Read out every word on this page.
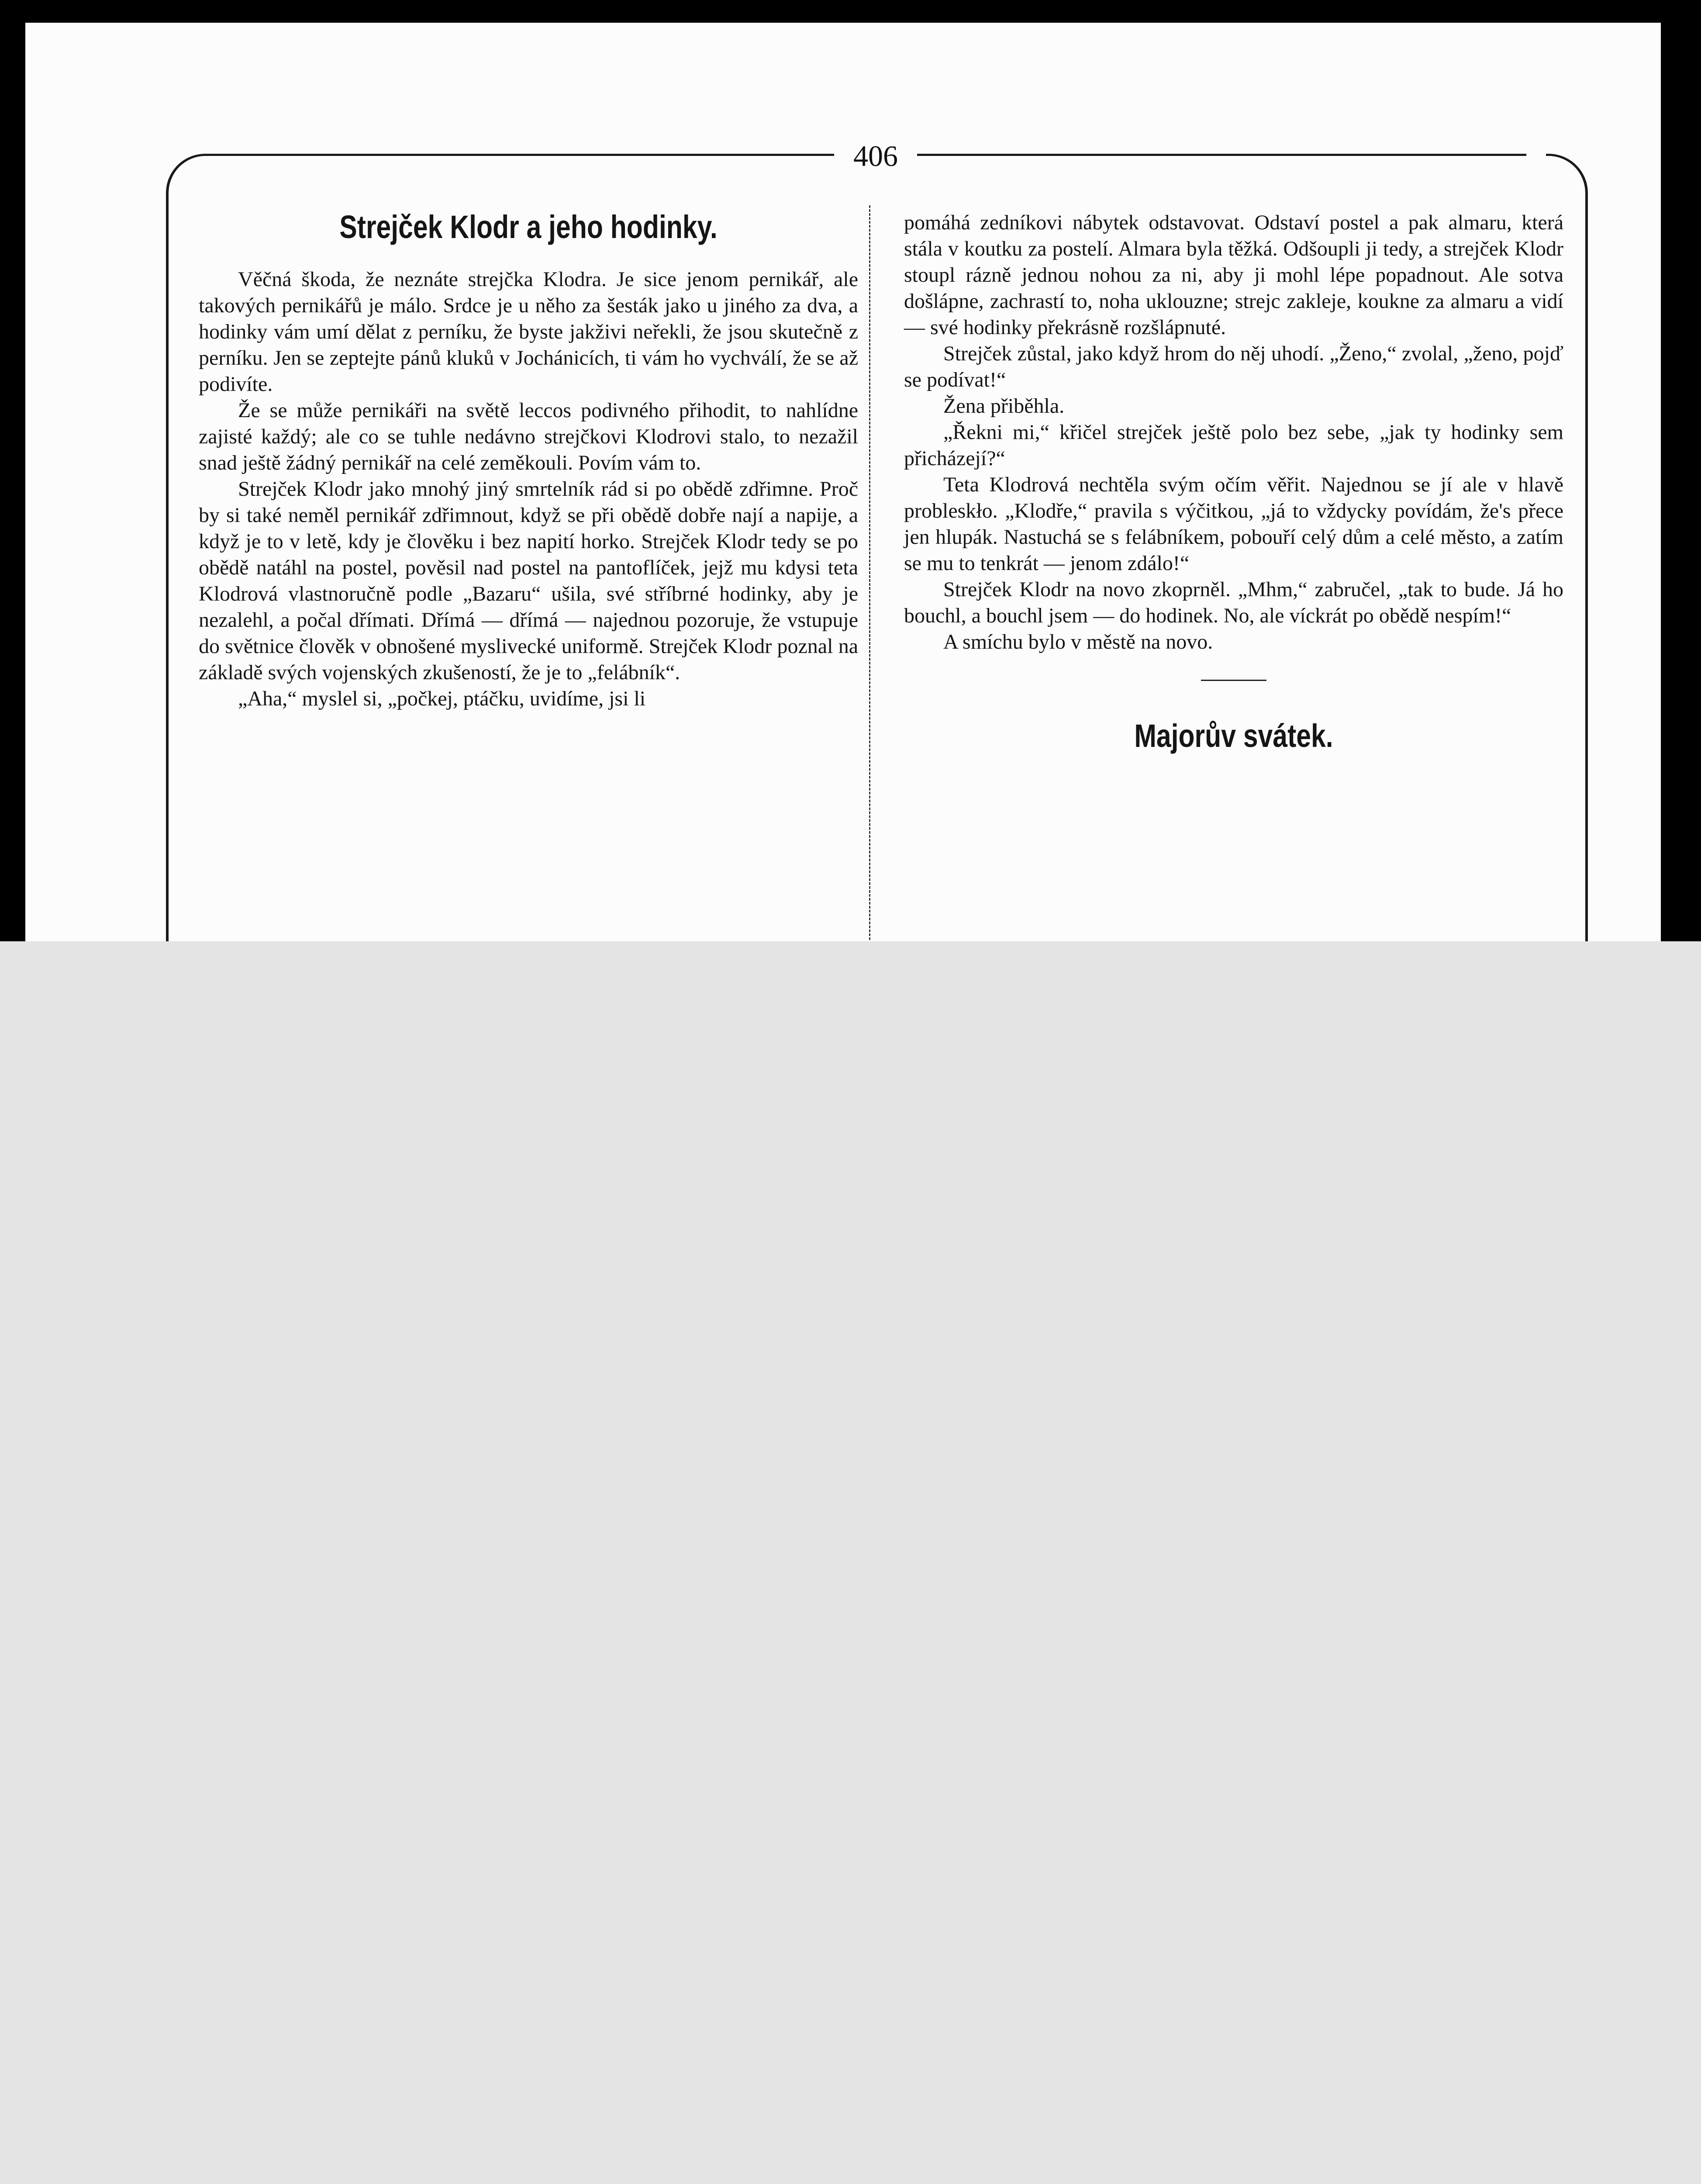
406
Strejček Klodr a jeho hodinky.

Věčná škoda, že neznáte strejčka Klodra. Je sice jenom pernikář, ale takových pernikářů je málo. Srdce je u něho za šesták jako u jiného za dva, a hodinky vám umí dělat z perníku, že byste jakživi neřekli, že jsou skutečně z perníku. Jen se zeptejte pánů kluků v Jochánicích, ti vám ho vychválí, že se až podivíte.

Že se může pernikáři na světě leccos podivného přihodit, to nahlídne zajisté každý; ale co se tuhle nedávno strejčkovi Klodrovi stalo, to nezažil snad ještě žádný pernikář na celé zeměkouli. Povím vám to.

Strejček Klodr jako mnohý jiný smrtelník rád si po obědě zdřimne. Proč by si také neměl pernikář zdřimnout, když se při obědě dobře nají a napije, a když je to v letě, kdy je člověku i bez napití horko. Strejček Klodr tedy se po obědě natáhl na postel, pověsil nad postel na pantoflíček, jejž mu kdysi teta Klodrová vlastnoručně podle „Bazaru“ ušila, své stříbrné hodinky, aby je nezalehl, a počal dřímati. Dřímá — dřímá — najednou pozoruje, že vstupuje do světnice člověk v obnošené myslivecké uniformě. Strejček Klodr poznal na základě svých vojenských zkušeností, že je to „felábník“.

„Aha,“ myslel si, „počkej, ptáčku, uvidíme, jsi li

pomáhá zedníkovi nábytek odstavovat. Odstaví postel a pak almaru, která stála v koutku za postelí. Almara byla těžká. Odšoupli ji tedy, a strejček Klodr stoupl rázně jednou nohou za ni, aby ji mohl lépe popadnout. Ale sotva došlápne, zachrastí to, noha uklouzne; strejc zakleje, koukne za almaru a vidí — své hodinky překrásně rozšlápnuté.

Strejček zůstal, jako když hrom do něj uhodí. „Ženo,“ zvolal, „ženo, pojď se podívat!“

Žena přiběhla.

„Řekni mi,“ křičel strejček ještě polo bez sebe, „jak ty hodinky sem přicházejí?“

Teta Klodrová nechtěla svým očím věřit. Najednou se jí ale v hlavě probleskło. „Klodře,“ pravila s výčitkou, „já to vždycky povídám, že's přece jen hlupák. Nastuchá se s felábníkem, pobouří celý dům a celé město, a zatím se mu to tenkrát — jenom zdálo!“

Strejček Klodr na novo zkoprněl. „Mhm,“ zabručel, „tak to bude. Já ho bouchl, a bouchl jsem — do hodinek. No, ale víckrát po obědě nespím!“

A smíchu bylo v městě na novo.

Majorův svátek.
